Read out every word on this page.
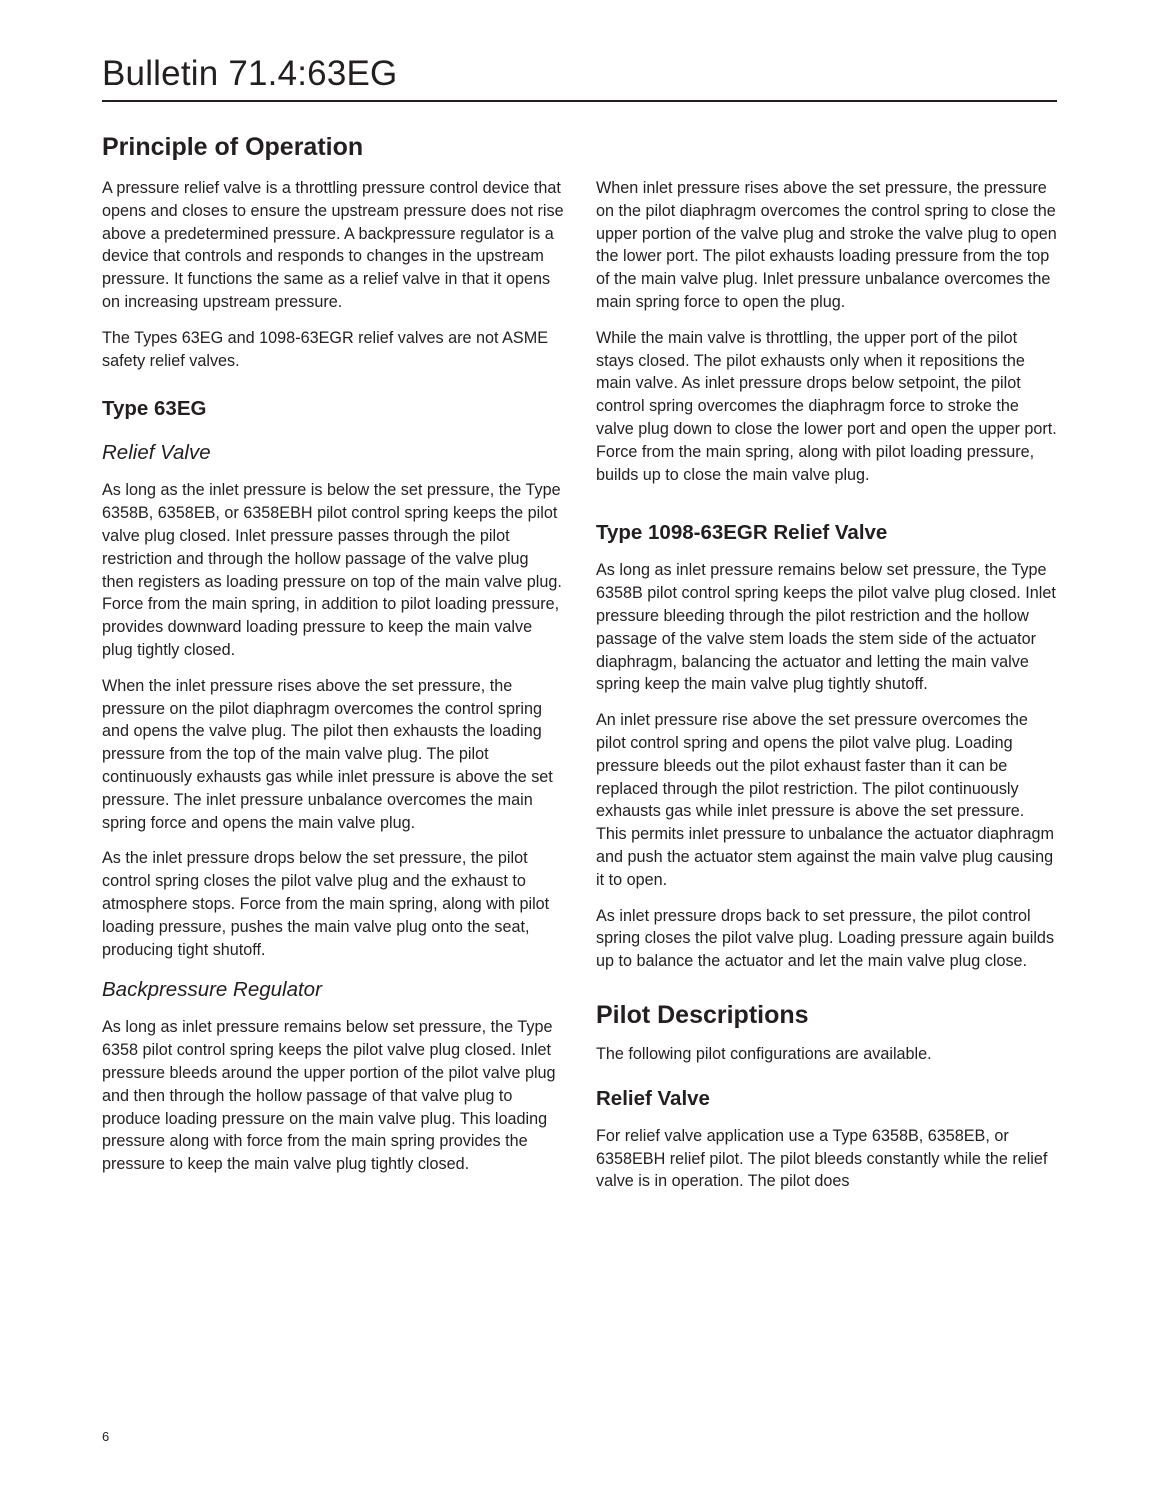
Bulletin 71.4:63EG
Principle of Operation

A pressure relief valve is a throttling pressure control device that opens and closes to ensure the upstream pressure does not rise above a predetermined pressure. A backpressure regulator is a device that controls and responds to changes in the upstream pressure. It functions the same as a relief valve in that it opens on increasing upstream pressure.

The Types 63EG and 1098-63EGR relief valves are not ASME safety relief valves.

Type 63EG
Relief Valve

As long as the inlet pressure is below the set pressure, the Type 6358B, 6358EB, or 6358EBH pilot control spring keeps the pilot valve plug closed. Inlet pressure passes through the pilot restriction and through the hollow passage of the valve plug then registers as loading pressure on top of the main valve plug. Force from the main spring, in addition to pilot loading pressure, provides downward loading pressure to keep the main valve plug tightly closed.

When the inlet pressure rises above the set pressure, the pressure on the pilot diaphragm overcomes the control spring and opens the valve plug. The pilot then exhausts the loading pressure from the top of the main valve plug. The pilot continuously exhausts gas while inlet pressure is above the set pressure. The inlet pressure unbalance overcomes the main spring force and opens the main valve plug.

As the inlet pressure drops below the set pressure, the pilot control spring closes the pilot valve plug and the exhaust to atmosphere stops. Force from the main spring, along with pilot loading pressure, pushes the main valve plug onto the seat, producing tight shutoff.

Backpressure Regulator

As long as inlet pressure remains below set pressure, the Type 6358 pilot control spring keeps the pilot valve plug closed. Inlet pressure bleeds around the upper portion of the pilot valve plug and then through the hollow passage of that valve plug to produce loading pressure on the main valve plug. This loading pressure along with force from the main spring provides the pressure to keep the main valve plug tightly closed.

When inlet pressure rises above the set pressure, the pressure on the pilot diaphragm overcomes the control spring to close the upper portion of the valve plug and stroke the valve plug to open the lower port. The pilot exhausts loading pressure from the top of the main valve plug. Inlet pressure unbalance overcomes the main spring force to open the plug.

While the main valve is throttling, the upper port of the pilot stays closed. The pilot exhausts only when it repositions the main valve. As inlet pressure drops below setpoint, the pilot control spring overcomes the diaphragm force to stroke the valve plug down to close the lower port and open the upper port. Force from the main spring, along with pilot loading pressure, builds up to close the main valve plug.

Type 1098-63EGR Relief Valve

As long as inlet pressure remains below set pressure, the Type 6358B pilot control spring keeps the pilot valve plug closed. Inlet pressure bleeding through the pilot restriction and the hollow passage of the valve stem loads the stem side of the actuator diaphragm, balancing the actuator and letting the main valve spring keep the main valve plug tightly shutoff.

An inlet pressure rise above the set pressure overcomes the pilot control spring and opens the pilot valve plug. Loading pressure bleeds out the pilot exhaust faster than it can be replaced through the pilot restriction. The pilot continuously exhausts gas while inlet pressure is above the set pressure. This permits inlet pressure to unbalance the actuator diaphragm and push the actuator stem against the main valve plug causing it to open.

As inlet pressure drops back to set pressure, the pilot control spring closes the pilot valve plug. Loading pressure again builds up to balance the actuator and let the main valve plug close.

Pilot Descriptions

The following pilot configurations are available.

Relief Valve

For relief valve application use a Type 6358B, 6358EB, or 6358EBH relief pilot. The pilot bleeds constantly while the relief valve is in operation. The pilot does

6
